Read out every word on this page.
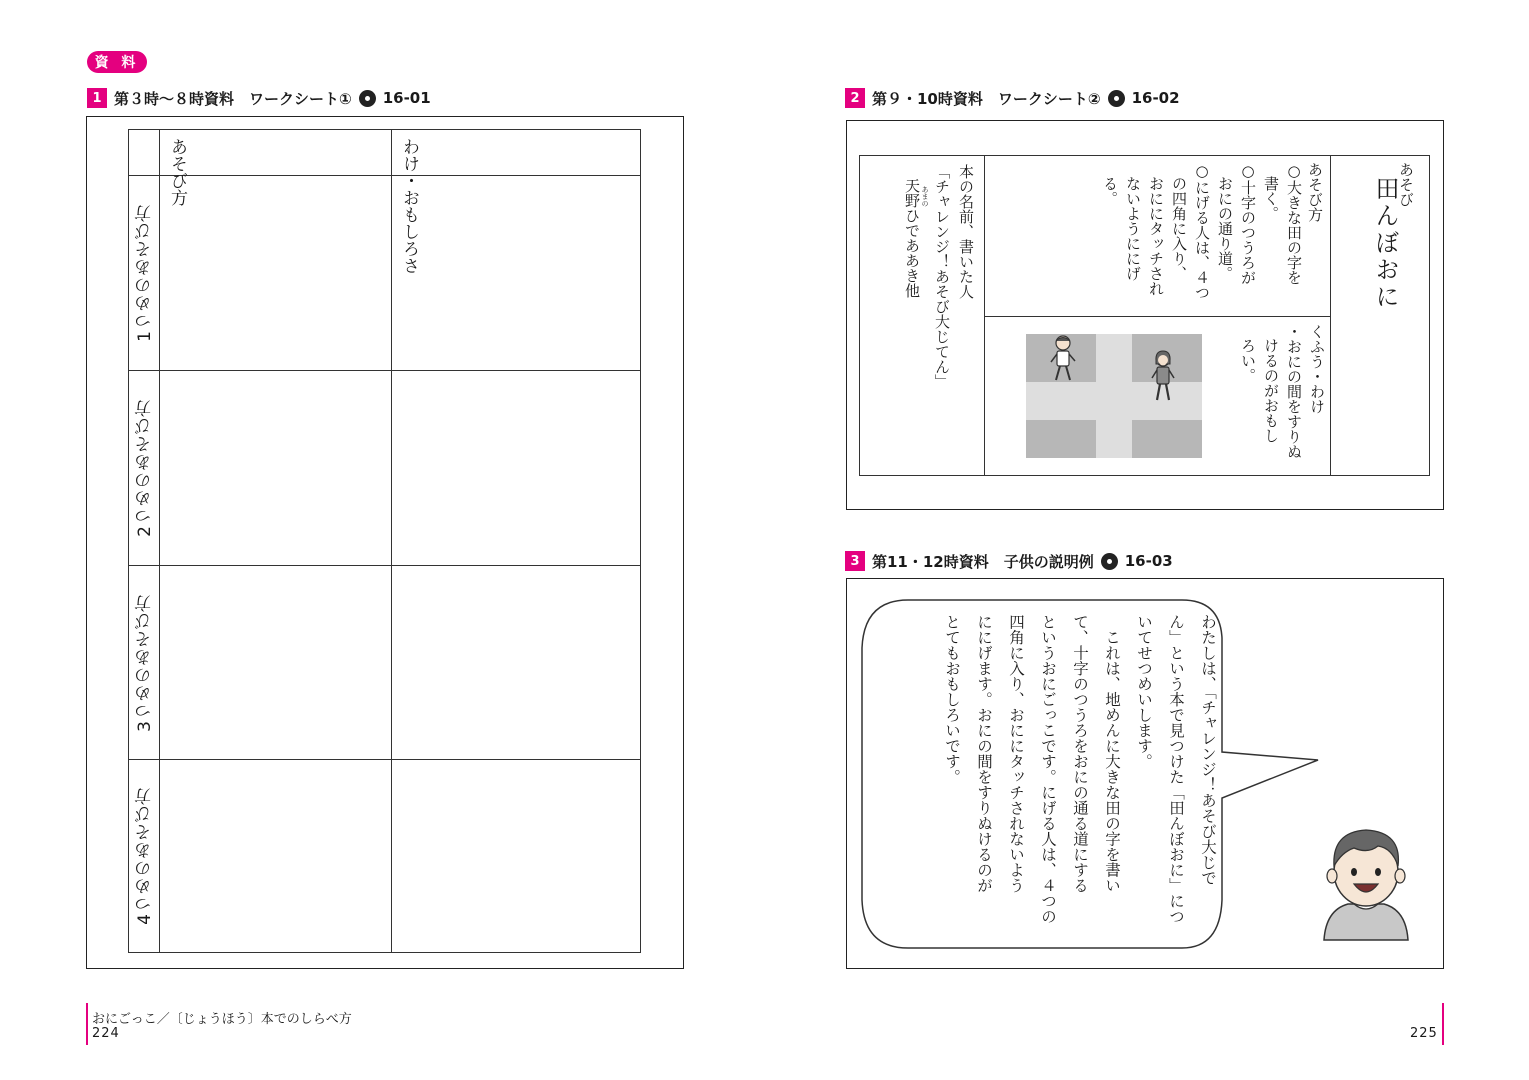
資 料
1 第３時～８時資料　ワークシート① 16-01
あそび方	わけ・おもしろさ
1つめのあそび方
2つめのあそび方
3つめのあそび方
4つめのあそび方
2 第９・10時資料　ワークシート② 16-02
あそび
田んぼおに
あそび方
○大きな田の字を
書く。
○十字のつうろが
おにの通り道。
○にげる人は、４つ
の四角に入り、
おににタッチされ
ないようににげ
る。
くふう・わけ
・おにの間をすりぬ
けるのがおもし
ろい。
本の名前、書いた人
「チャレンジ！あそび大じてん」
あまの
天野ひでああき他
3 第11・12時資料　子供の説明例 16-03
わたしは、「チャレンジ！あそび大じで
ん」という本で見つけた「田んぼおに」につ
いてせつめいします。
　これは、地めんに大きな田の字を書い
て、十字のつうろをおにの通る道にする
というおにごっこです。にげる人は、４つの
四角に入り、おににタッチされないよう
ににげます。おにの間をすりぬけるのが
とてもおもしろいです。
おにごっこ／〔じょうほう〕本でのしらべ方
224	225
